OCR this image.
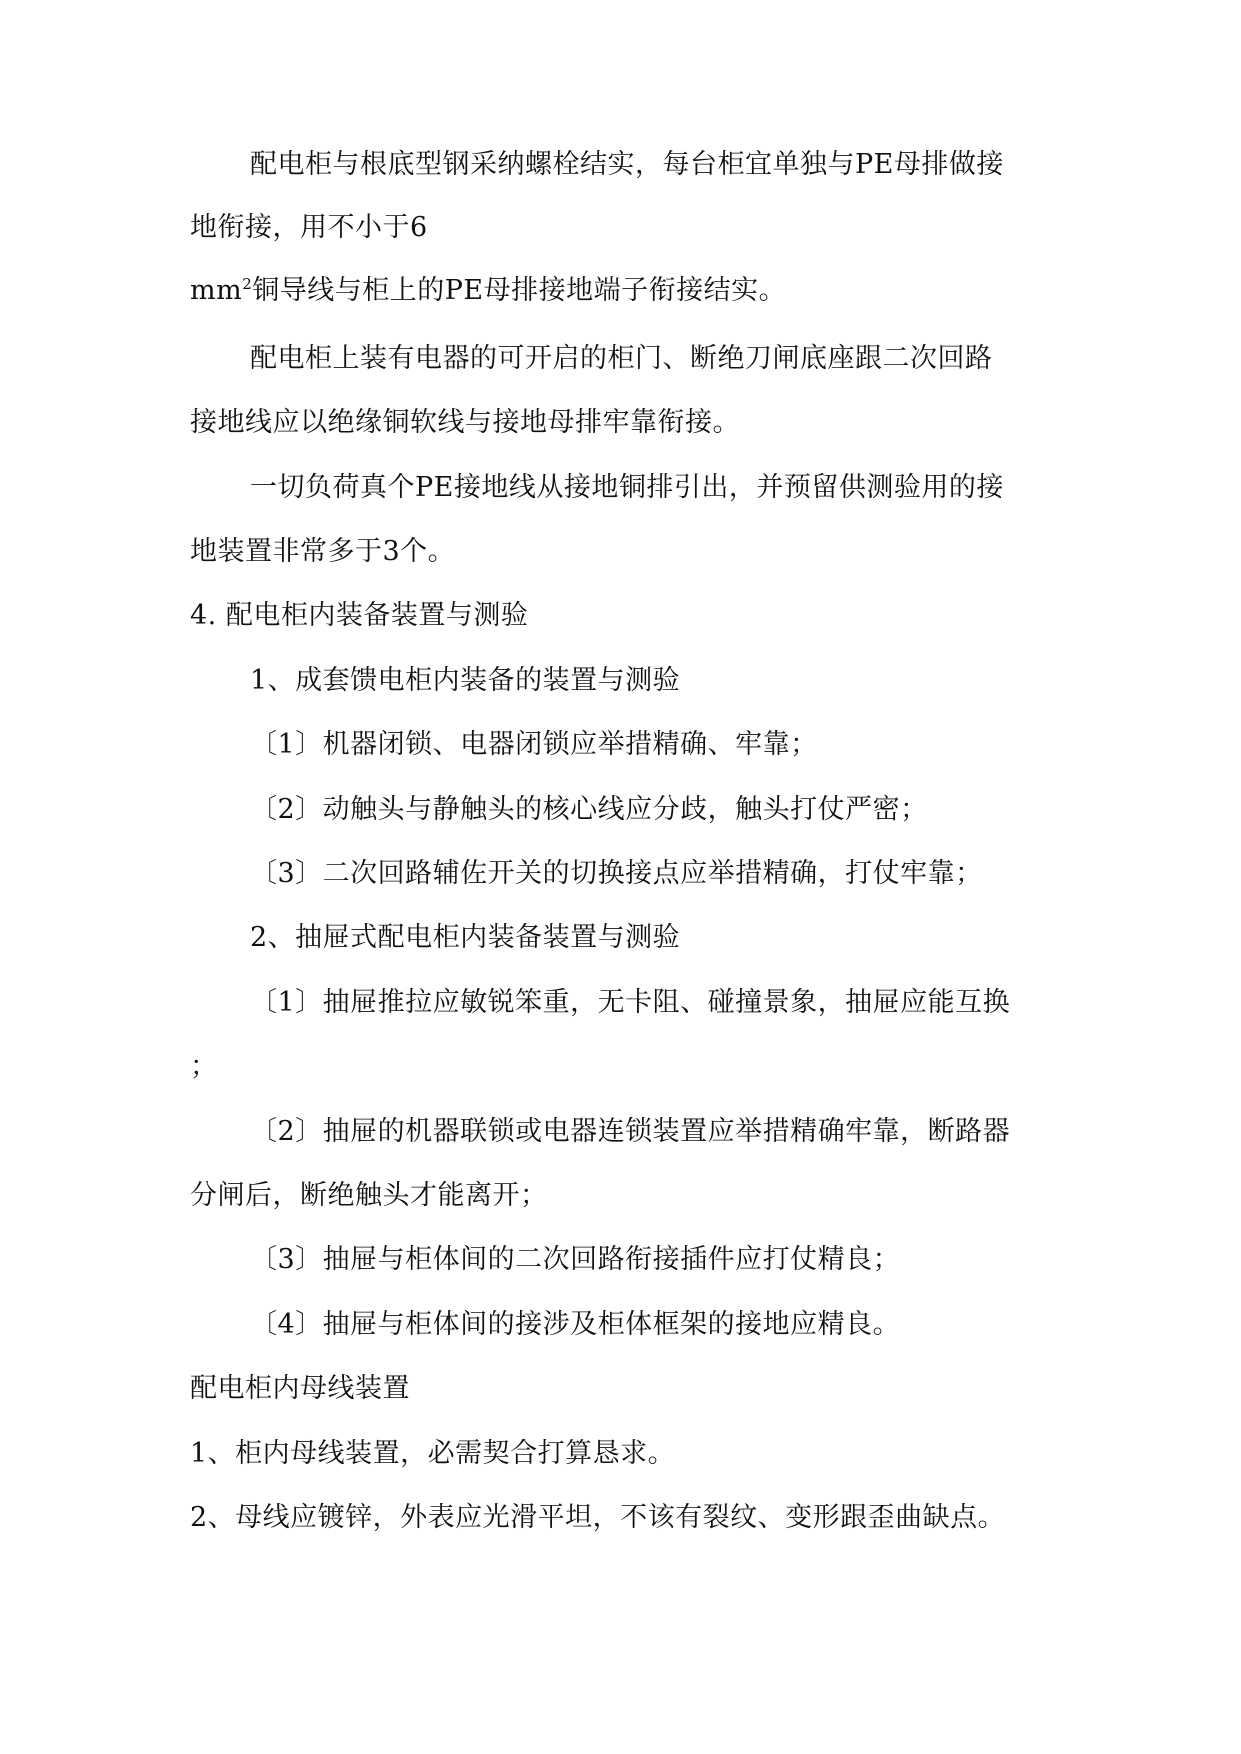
配电柜与根底型钢采纳螺栓结实，每台柜宜单独与PE母排做接
地衔接，用不小于6
$mm^2$铜导线与柜上的PE母排接地端子衔接结实。
配电柜上装有电器的可开启的柜门、断绝刀闸底座跟二次回路
接地线应以绝缘铜软线与接地母排牢靠衔接。
一切负荷真个PE接地线从接地铜排引出，并预留供测验用的接
地装置非常多于3个。
4. 配电柜内装备装置与测验
1、成套馈电柜内装备的装置与测验
〔1〕机器闭锁、电器闭锁应举措精确、牢靠；
〔2〕动触头与静触头的核心线应分歧，触头打仗严密；
〔3〕二次回路辅佐开关的切换接点应举措精确，打仗牢靠；
2、抽屉式配电柜内装备装置与测验
〔1〕抽屉推拉应敏锐笨重，无卡阻、碰撞景象，抽屉应能互换
；
〔2〕抽屉的机器联锁或电器连锁装置应举措精确牢靠，断路器
分闸后，断绝触头才能离开；
〔3〕抽屉与柜体间的二次回路衔接插件应打仗精良；
〔4〕抽屉与柜体间的接涉及柜体框架的接地应精良。
配电柜内母线装置
1、柜内母线装置，必需契合打算恳求。
2、母线应镀锌，外表应光滑平坦，不该有裂纹、变形跟歪曲缺点。
